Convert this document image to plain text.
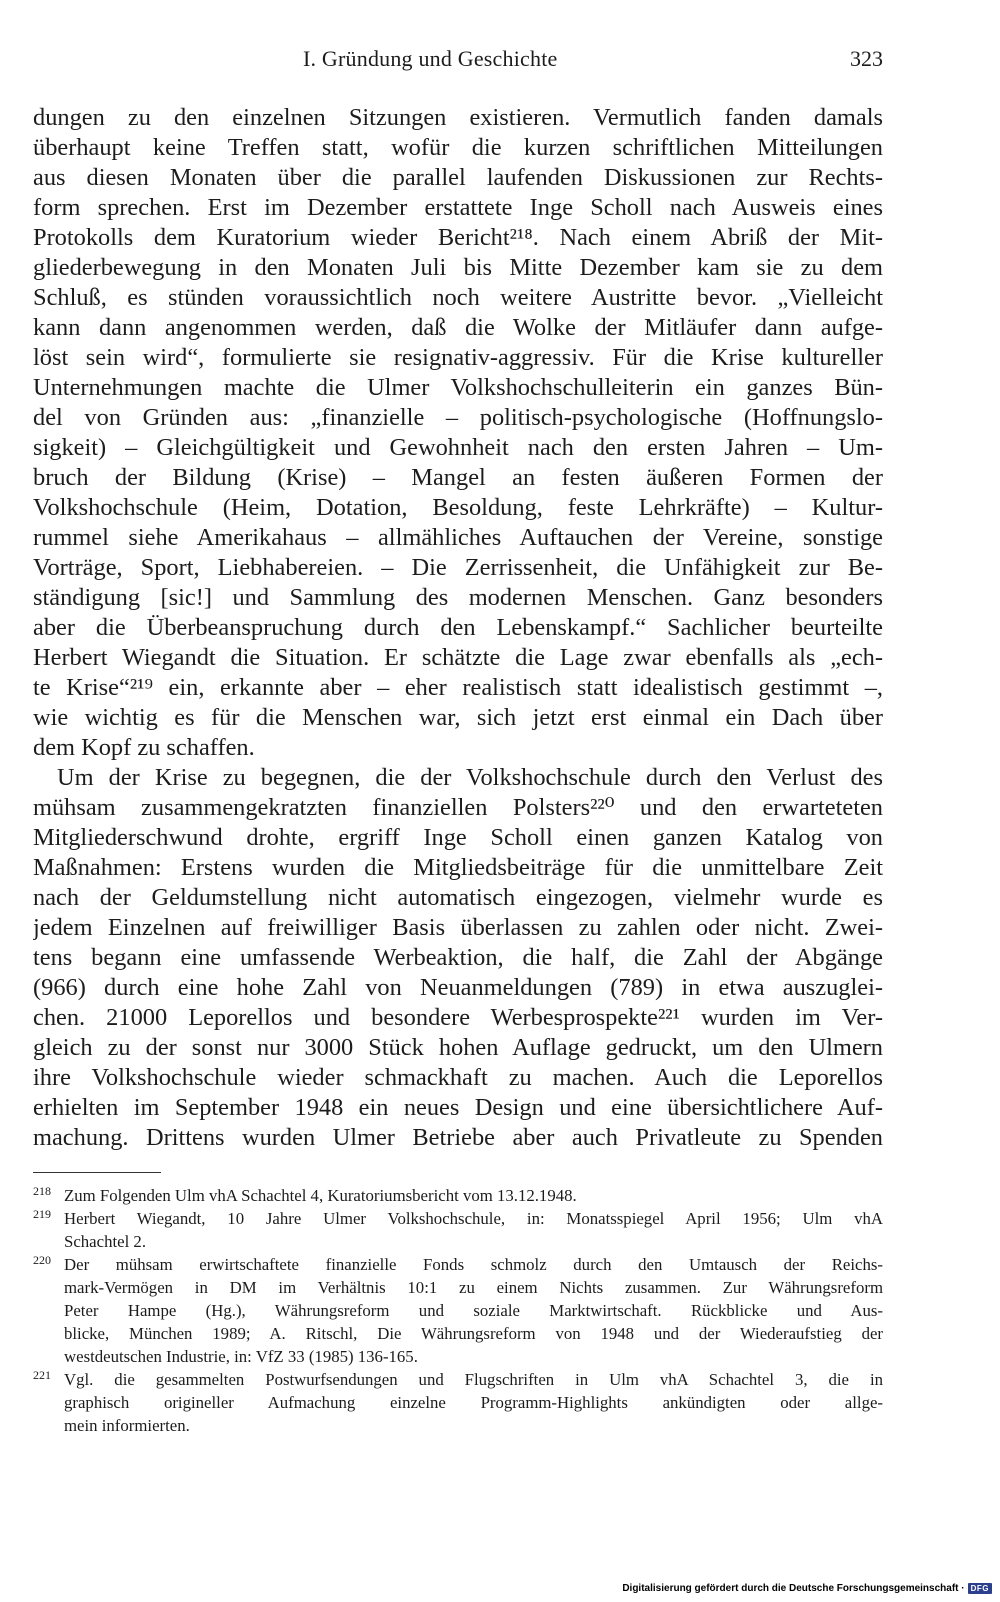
I. Gründung und Geschichte	323
dungen zu den einzelnen Sitzungen existieren. Vermutlich fanden damals
überhaupt keine Treffen statt, wofür die kurzen schriftlichen Mitteilungen
aus diesen Monaten über die parallel laufenden Diskussionen zur Rechts-
form sprechen. Erst im Dezember erstattete Inge Scholl nach Ausweis eines
Protokolls dem Kuratorium wieder Bericht²¹⁸. Nach einem Abriß der Mit-
gliederbewegung in den Monaten Juli bis Mitte Dezember kam sie zu dem
Schluß, es stünden voraussichtlich noch weitere Austritte bevor. „Vielleicht
kann dann angenommen werden, daß die Wolke der Mitläufer dann aufge-
löst sein wird“, formulierte sie resignativ-aggressiv. Für die Krise kultureller
Unternehmungen machte die Ulmer Volkshochschulleiterin ein ganzes Bün-
del von Gründen aus: „finanzielle – politisch-psychologische (Hoffnungslo-
sigkeit) – Gleichgültigkeit und Gewohnheit nach den ersten Jahren – Um-
bruch der Bildung (Krise) – Mangel an festen äußeren Formen der
Volkshochschule (Heim, Dotation, Besoldung, feste Lehrkräfte) – Kultur-
rummel siehe Amerikahaus – allmähliches Auftauchen der Vereine, sonstige
Vorträge, Sport, Liebhabereien. – Die Zerrissenheit, die Unfähigkeit zur Be-
ständigung [sic!] und Sammlung des modernen Menschen. Ganz besonders
aber die Überbeanspruchung durch den Lebenskampf.“ Sachlicher beurteilte
Herbert Wiegandt die Situation. Er schätzte die Lage zwar ebenfalls als „ech-
te Krise“²¹⁹ ein, erkannte aber – eher realistisch statt idealistisch gestimmt –,
wie wichtig es für die Menschen war, sich jetzt erst einmal ein Dach über
dem Kopf zu schaffen.
Um der Krise zu begegnen, die der Volkshochschule durch den Verlust des
mühsam zusammengekratzten finanziellen Polsters²²⁰ und den erwarteteten
Mitgliederschwund drohte, ergriff Inge Scholl einen ganzen Katalog von
Maßnahmen: Erstens wurden die Mitgliedsbeiträge für die unmittelbare Zeit
nach der Geldumstellung nicht automatisch eingezogen, vielmehr wurde es
jedem Einzelnen auf freiwilliger Basis überlassen zu zahlen oder nicht. Zwei-
tens begann eine umfassende Werbeaktion, die half, die Zahl der Abgänge
(966) durch eine hohe Zahl von Neuanmeldungen (789) in etwa auszuglei-
chen. 21000 Leporellos und besondere Werbesprospekte²²¹ wurden im Ver-
gleich zu der sonst nur 3000 Stück hohen Auflage gedruckt, um den Ulmern
ihre Volkshochschule wieder schmackhaft zu machen. Auch die Leporellos
erhielten im September 1948 ein neues Design und eine übersichtlichere Auf-
machung. Drittens wurden Ulmer Betriebe aber auch Privatleute zu Spenden
218 Zum Folgenden Ulm vhA Schachtel 4, Kuratoriumsbericht vom 13.12.1948.
219 Herbert Wiegandt, 10 Jahre Ulmer Volkshochschule, in: Monatsspiegel April 1956; Ulm vhA
Schachtel 2.
220 Der mühsam erwirtschaftete finanzielle Fonds schmolz durch den Umtausch der Reichs-
mark-Vermögen in DM im Verhältnis 10:1 zu einem Nichts zusammen. Zur Währungsreform
Peter Hampe (Hg.), Währungsreform und soziale Marktwirtschaft. Rückblicke und Aus-
blicke, München 1989; A. Ritschl, Die Währungsreform von 1948 und der Wiederaufstieg der
westdeutschen Industrie, in: VfZ 33 (1985) 136-165.
221 Vgl. die gesammelten Postwurfsendungen und Flugschriften in Ulm vhA Schachtel 3, die in
graphisch origineller Aufmachung einzelne Programm-Highlights ankündigten oder allge-
mein informierten.
Digitalisierung gefördert durch die Deutsche Forschungsgemeinschaft · DFG
